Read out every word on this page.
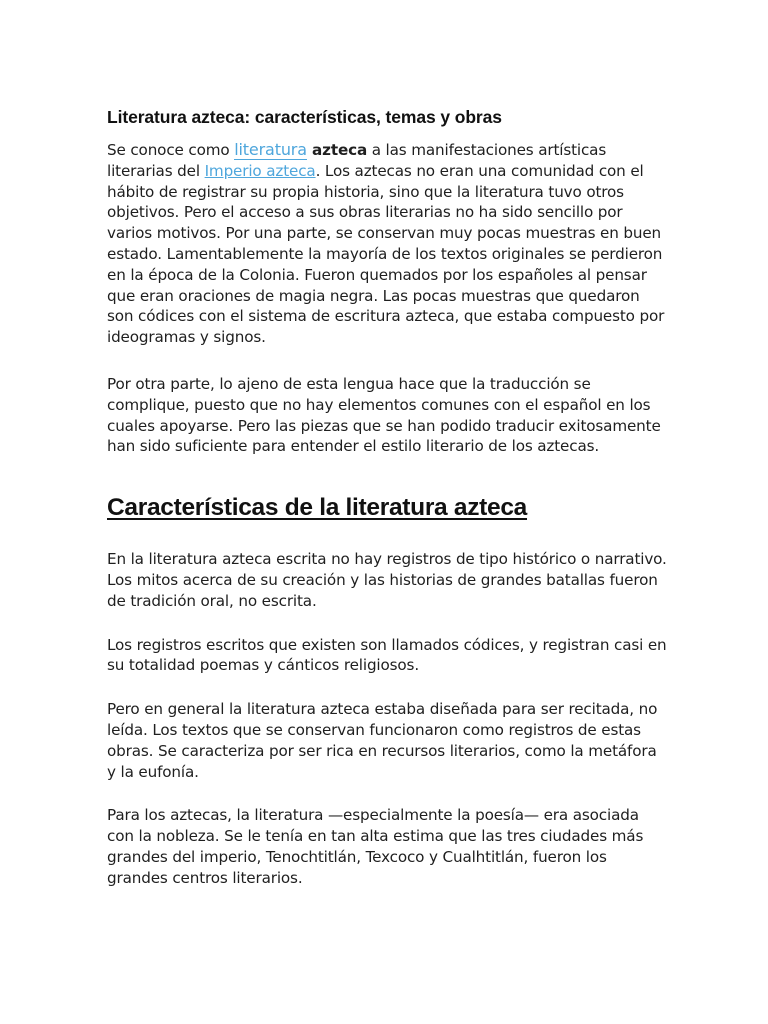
Literatura azteca: características, temas y obras

Se conoce como literatura azteca a las manifestaciones artísticas literarias del Imperio azteca. Los aztecas no eran una comunidad con el hábito de registrar su propia historia, sino que la literatura tuvo otros objetivos. Pero el acceso a sus obras literarias no ha sido sencillo por varios motivos. Por una parte, se conservan muy pocas muestras en buen estado. Lamentablemente la mayoría de los textos originales se perdieron en la época de la Colonia. Fueron quemados por los españoles al pensar que eran oraciones de magia negra. Las pocas muestras que quedaron son códices con el sistema de escritura azteca, que estaba compuesto por ideogramas y signos.

Por otra parte, lo ajeno de esta lengua hace que la traducción se complique, puesto que no hay elementos comunes con el español en los cuales apoyarse. Pero las piezas que se han podido traducir exitosamente han sido suficiente para entender el estilo literario de los aztecas.

Características de la literatura azteca

En la literatura azteca escrita no hay registros de tipo histórico o narrativo. Los mitos acerca de su creación y las historias de grandes batallas fueron de tradición oral, no escrita.

Los registros escritos que existen son llamados códices, y registran casi en su totalidad poemas y cánticos religiosos.

Pero en general la literatura azteca estaba diseñada para ser recitada, no leída. Los textos que se conservan funcionaron como registros de estas obras. Se caracteriza por ser rica en recursos literarios, como la metáfora y la eufonía.

Para los aztecas, la literatura —especialmente la poesía— era asociada con la nobleza. Se le tenía en tan alta estima que las tres ciudades más grandes del imperio, Tenochtitlán, Texcoco y Cualhtitlán, fueron los grandes centros literarios.
